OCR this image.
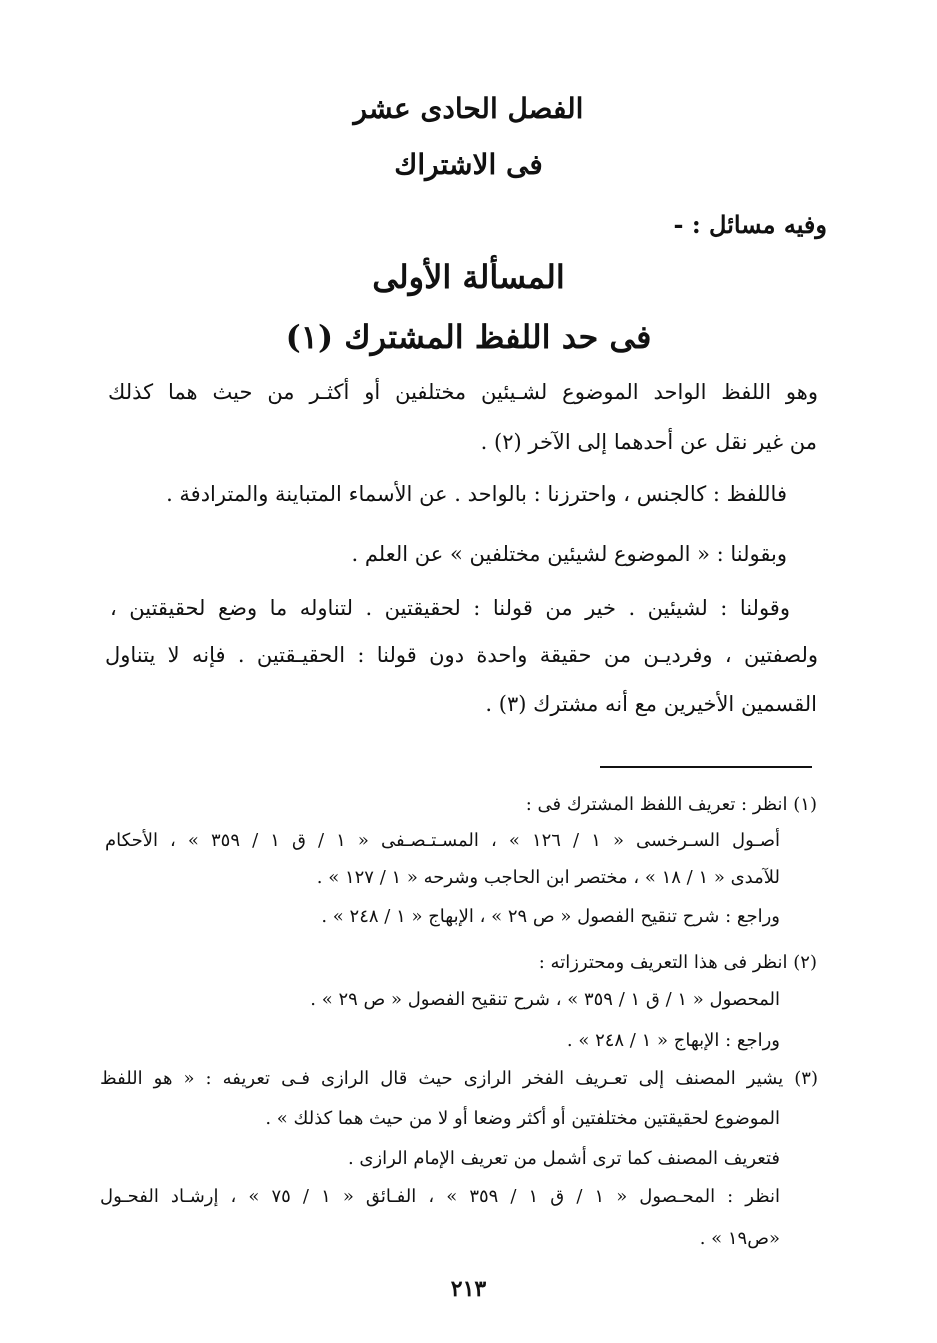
الفصل الحادى عشر
فى الاشتراك
وفيه مسائل : -
المسألة الأولى
فى حد اللفظ المشترك (١)
وهو اللفظ الواحد الموضوع لشـيئين مختلفين أو أكثـر من حيث هما كذلك
من غير نقل عن أحدهما إلى الآخر (٢) .
فاللفظ : كالجنس ، واحترزنا : بالواحد . عن الأسماء المتباينة والمترادفة .
وبقولنا : « الموضوع لشيئين مختلفين » عن العلم .
وقولنا : لشيئين . خير من قولنا : لحقيقتين . لتناوله ما وضع لحقيقتين ،
ولصفتين ، وفرديـن من حقيقة واحدة دون قولنا : الحقيـقتين . فإنه لا يتناول
القسمين الأخيرين مع أنه مشترك (٣) .
(١) انظر : تعريف اللفظ المشترك فى :
أصـول السـرخسى « ١ / ١٢٦ » ، المسـتـصـفى « ١ / ق ١ / ٣٥٩ » ، الأحكام
للآمدى « ١ / ١٨ » ، مختصر ابن الحاجب وشرحه « ١ / ١٢٧ » .
وراجع : شرح تنقيح الفصول « ص ٢٩ » ، الإبهاج « ١ / ٢٤٨ » .
(٢) انظر فى هذا التعريف ومحترزاته :
المحصول « ١ / ق ١ / ٣٥٩ » ، شرح تنقيح الفصول « ص ٢٩ » .
وراجع : الإبهاج « ١ / ٢٤٨ » .
(٣) يشير المصنف إلى تعـريف الفخر الرازى حيث قال الرازى فـى تعريفه : « هو اللفظ
الموضوع لحقيقتين مختلفتين أو أكثر وضعا أو لا من حيث هما كذلك » .
فتعريف المصنف كما ترى أشمل من تعريف الإمام الرازى .
انظر : المحـصول « ١ / ق ١ / ٣٥٩ » ، الفـائق « ١ / ٧٥ » ، إرشـاد الفحـول
«ص١٩ » .
٢١٣
